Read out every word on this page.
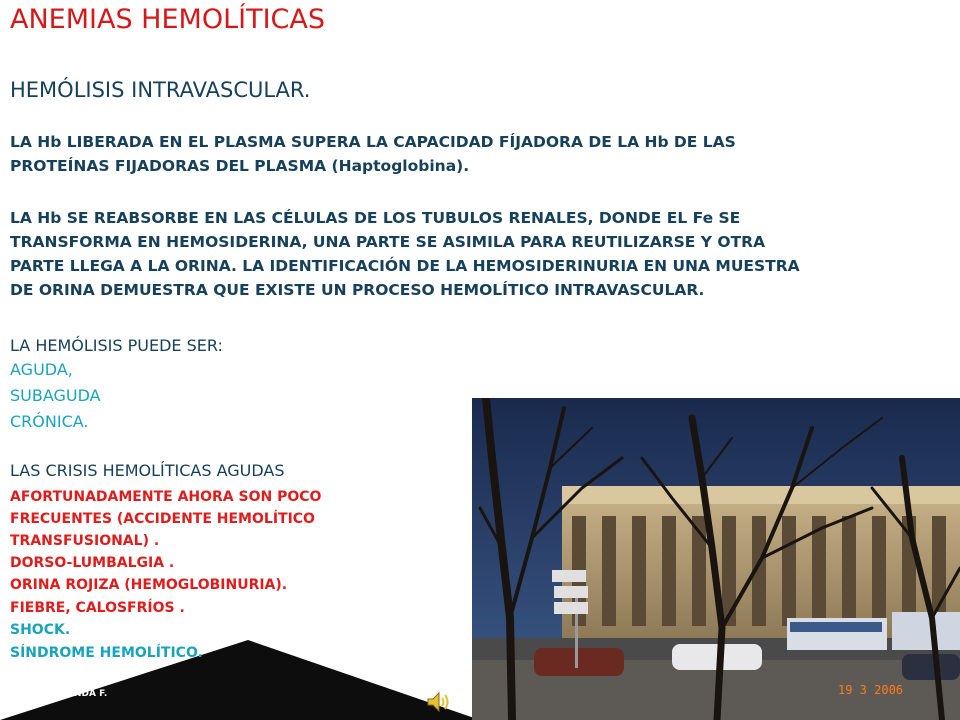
ANEMIAS HEMOLÍTICAS
HEMÓLISIS INTRAVASCULAR.
LA Hb LIBERADA EN EL PLASMA SUPERA LA CAPACIDAD FÍJADORA DE LA Hb DE LAS
PROTEÍNAS FIJADORAS DEL PLASMA (Haptoglobina).
LA Hb SE REABSORBE EN LAS CÉLULAS DE LOS TUBULOS RENALES, DONDE EL Fe SE
TRANSFORMA EN HEMOSIDERINA, UNA PARTE SE ASIMILA PARA REUTILIZARSE Y OTRA
PARTE LLEGA A LA ORINA. LA IDENTIFICACIÓN DE LA HEMOSIDERINURIA EN UNA MUESTRA
DE ORINA DEMUESTRA QUE EXISTE UN PROCESO HEMOLÍTICO INTRAVASCULAR.
LA HEMÓLISIS PUEDE SER:
AGUDA,
SUBAGUDA
CRÓNICA.
LAS CRISIS HEMOLÍTICAS AGUDAS
AFORTUNADAMENTE AHORA SON POCO
FRECUENTES (ACCIDENTE HEMOLÍTICO
TRANSFUSIONAL) .
DORSO-LUMBALGIA .
ORINA ROJIZA (HEMOGLOBINURIA).
FIEBRE, CALOSFRÍOS .
SHOCK.
SÍNDROME HEMOLÍTICO.
DR. L. BUTANDA F.	19 3 2006
